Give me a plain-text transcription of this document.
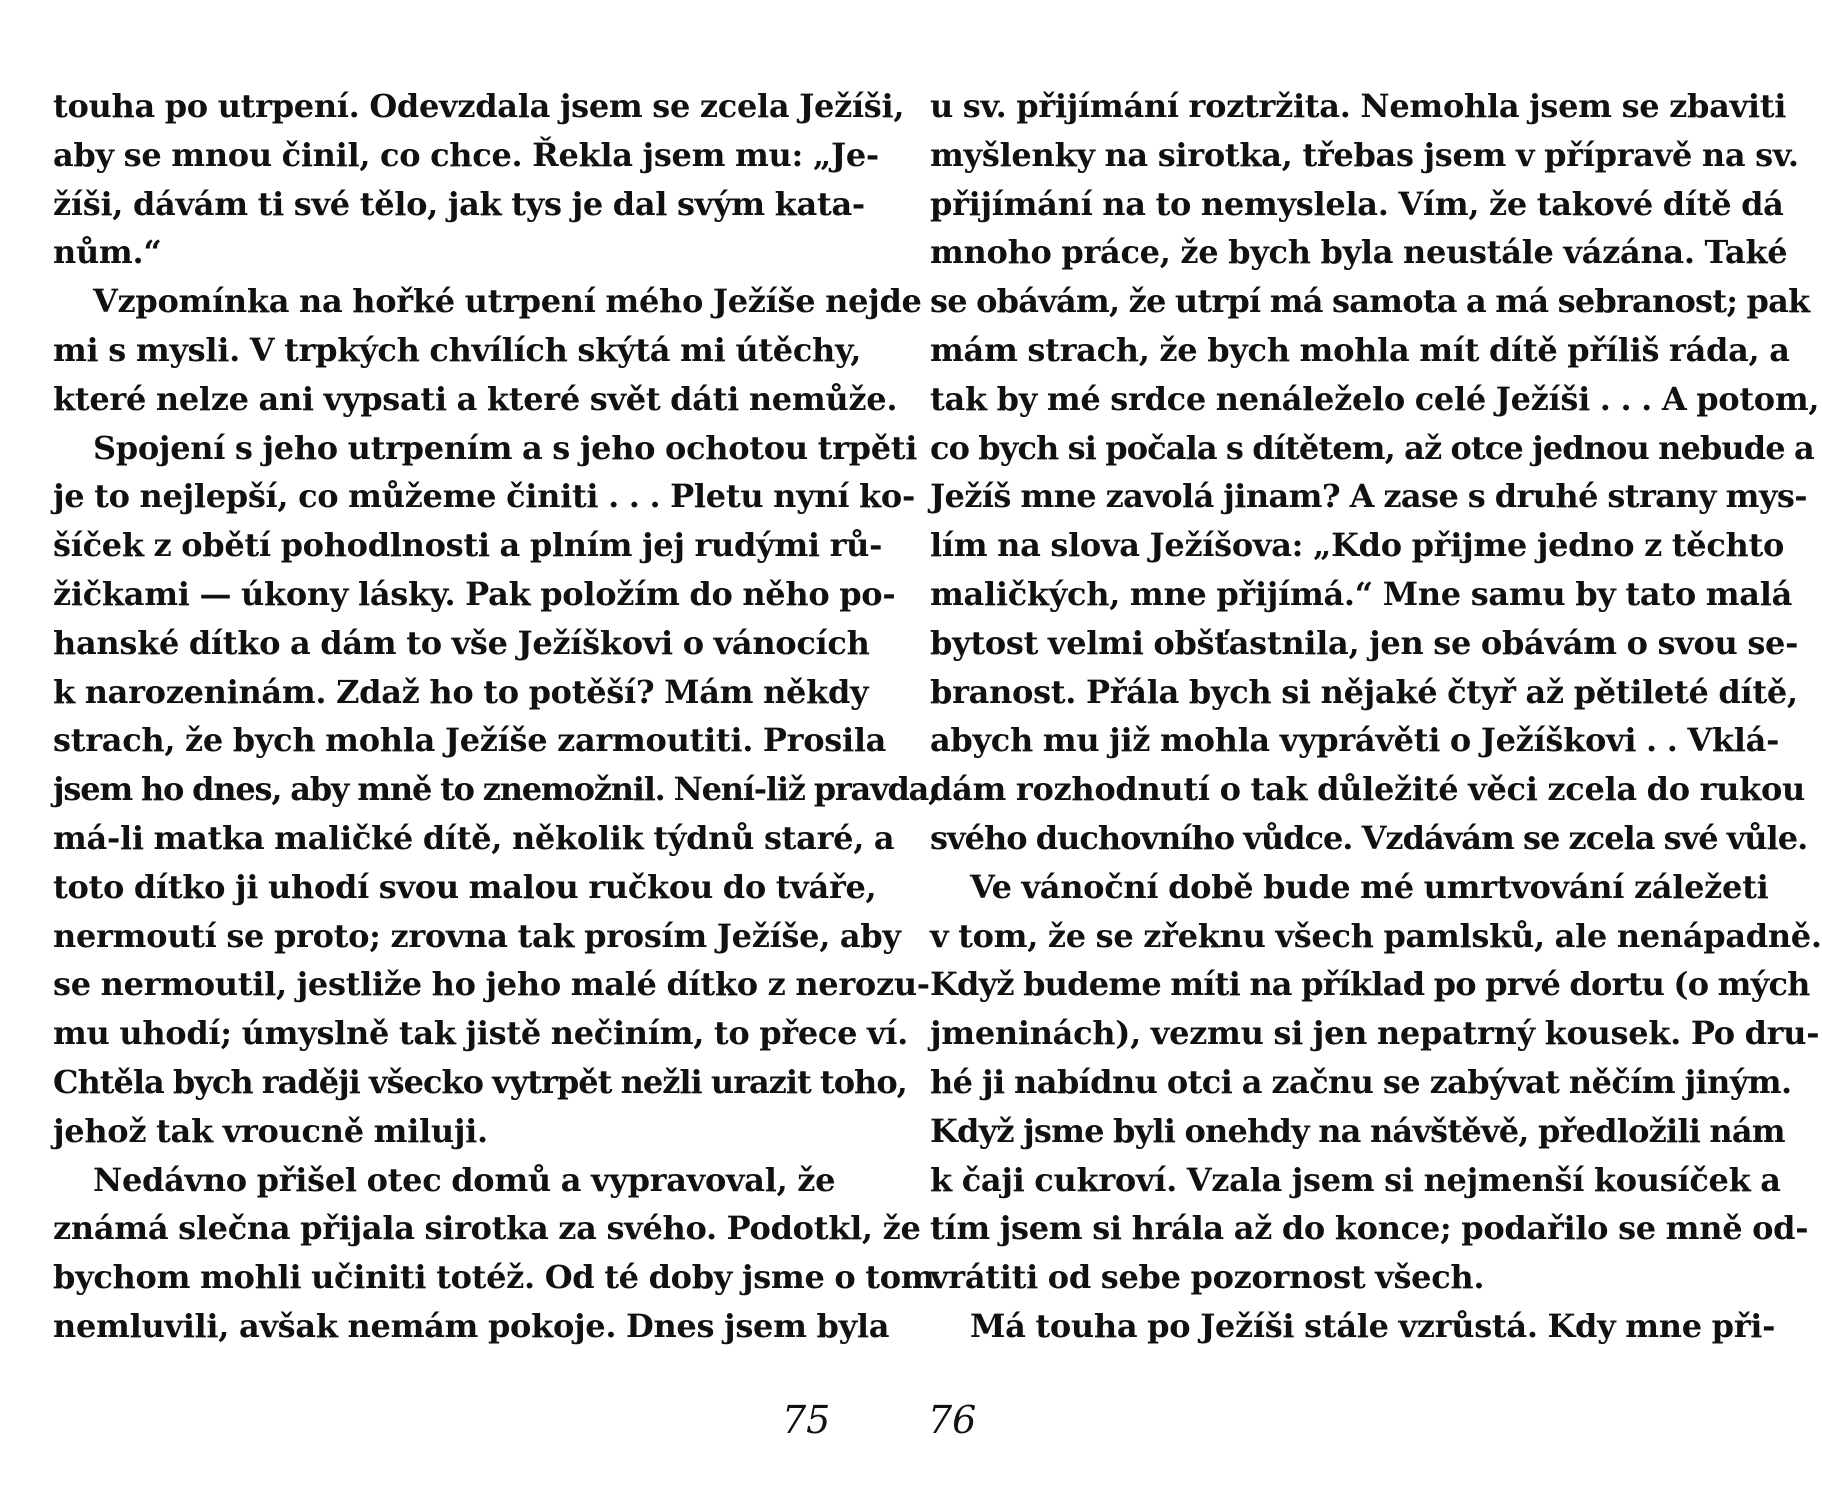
touha po utrpení. Odevzdala jsem se zcela Ježíši,
aby se mnou činil, co chce. Řekla jsem mu: „Je-
žíši, dávám ti své tělo, jak tys je dal svým kata-
nům.“
Vzpomínka na hořké utrpení mého Ježíše nejde
mi s mysli. V trpkých chvílích skýtá mi útěchy,
které nelze ani vypsati a které svět dáti nemůže.
Spojení s jeho utrpením a s jeho ochotou trpěti
je to nejlepší, co můžeme činiti . . . Pletu nyní ko-
šíček z obětí pohodlnosti a plním jej rudými rů-
žičkami — úkony lásky. Pak položím do něho po-
hanské dítko a dám to vše Ježíškovi o vánocích
k narozeninám. Zdaž ho to potěší? Mám někdy
strach, že bych mohla Ježíše zarmoutiti. Prosila
jsem ho dnes, aby mně to znemožnil. Není-liž pravda,
má-li matka maličké dítě, několik týdnů staré, a
toto dítko ji uhodí svou malou ručkou do tváře,
nermoutí se proto; zrovna tak prosím Ježíše, aby
se nermoutil, jestliže ho jeho malé dítko z nerozu-
mu uhodí; úmyslně tak jistě nečiním, to přece ví.
Chtěla bych raději všecko vytrpět nežli urazit toho,
jehož tak vroucně miluji.
Nedávno přišel otec domů a vypravoval, že
známá slečna přijala sirotka za svého. Podotkl, že
bychom mohli učiniti totéž. Od té doby jsme o tom
nemluvili, avšak nemám pokoje. Dnes jsem byla
75
u sv. přijímání roztržita. Nemohla jsem se zbaviti
myšlenky na sirotka, třebas jsem v přípravě na sv.
přijímání na to nemyslela. Vím, že takové dítě dá
mnoho práce, že bych byla neustále vázána. Také
se obávám, že utrpí má samota a má sebranost; pak
mám strach, že bych mohla mít dítě příliš ráda, a
tak by mé srdce nenáleželo celé Ježíši . . . A potom,
co bych si počala s dítětem, až otce jednou nebude a
Ježíš mne zavolá jinam? A zase s druhé strany mys-
lím na slova Ježíšova: „Kdo přijme jedno z těchto
maličkých, mne přijímá.“ Mne samu by tato malá
bytost velmi obšťastnila, jen se obávám o svou se-
branost. Přála bych si nějaké čtyř až pětileté dítě,
abych mu již mohla vyprávěti o Ježíškovi . . Vklá-
dám rozhodnutí o tak důležité věci zcela do rukou
svého duchovního vůdce. Vzdávám se zcela své vůle.
Ve vánoční době bude mé umrtvování záležeti
v tom, že se zřeknu všech pamlsků, ale nenápadně.
Když budeme míti na příklad po prvé dortu (o mých
jmeninách), vezmu si jen nepatrný kousek. Po dru-
hé ji nabídnu otci a začnu se zabývat něčím jiným.
Když jsme byli onehdy na návštěvě, předložili nám
k čaji cukroví. Vzala jsem si nejmenší kousíček a
tím jsem si hrála až do konce; podařilo se mně od-
vrátiti od sebe pozornost všech.
Má touha po Ježíši stále vzrůstá. Kdy mne při-
76
